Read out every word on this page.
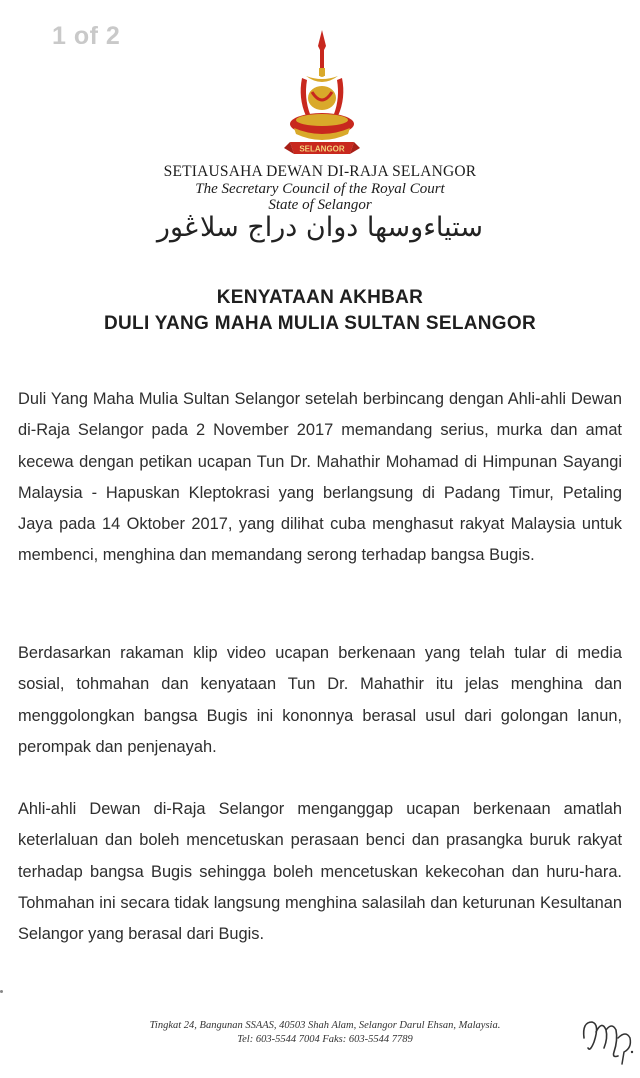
1 of 2
SELANGOR
SETIAUSAHA DEWAN DI-RAJA SELANGOR
The Secretary Council of the Royal Court
State of Selangor
ستياءوسها دوان دراج سلاڠور
KENYATAAN AKHBAR
DULI YANG MAHA MULIA SULTAN SELANGOR
Duli Yang Maha Mulia Sultan Selangor setelah berbincang dengan Ahli-ahli Dewan di-Raja Selangor pada 2 November 2017 memandang serius, murka dan amat kecewa dengan petikan ucapan Tun Dr. Mahathir Mohamad di Himpunan Sayangi Malaysia - Hapuskan Kleptokrasi yang berlangsung di Padang Timur, Petaling Jaya pada 14 Oktober 2017, yang dilihat cuba menghasut rakyat Malaysia untuk membenci, menghina dan memandang serong terhadap bangsa Bugis.
Berdasarkan rakaman klip video ucapan berkenaan yang telah tular di media sosial, tohmahan dan kenyataan Tun Dr. Mahathir itu jelas menghina dan menggolongkan bangsa Bugis ini kononnya berasal usul dari golongan lanun, perompak dan penjenayah.
Ahli-ahli Dewan di-Raja Selangor menganggap ucapan berkenaan amatlah keterlaluan dan boleh mencetuskan perasaan benci dan prasangka buruk rakyat terhadap bangsa Bugis sehingga boleh mencetuskan kekecohan dan huru-hara. Tohmahan ini secara tidak langsung menghina salasilah dan keturunan Kesultanan Selangor yang berasal dari Bugis.
Tingkat 24, Bangunan SSAAS, 40503 Shah Alam, Selangor Darul Ehsan, Malaysia.
Tel: 603-5544 7004 Faks: 603-5544 7789
